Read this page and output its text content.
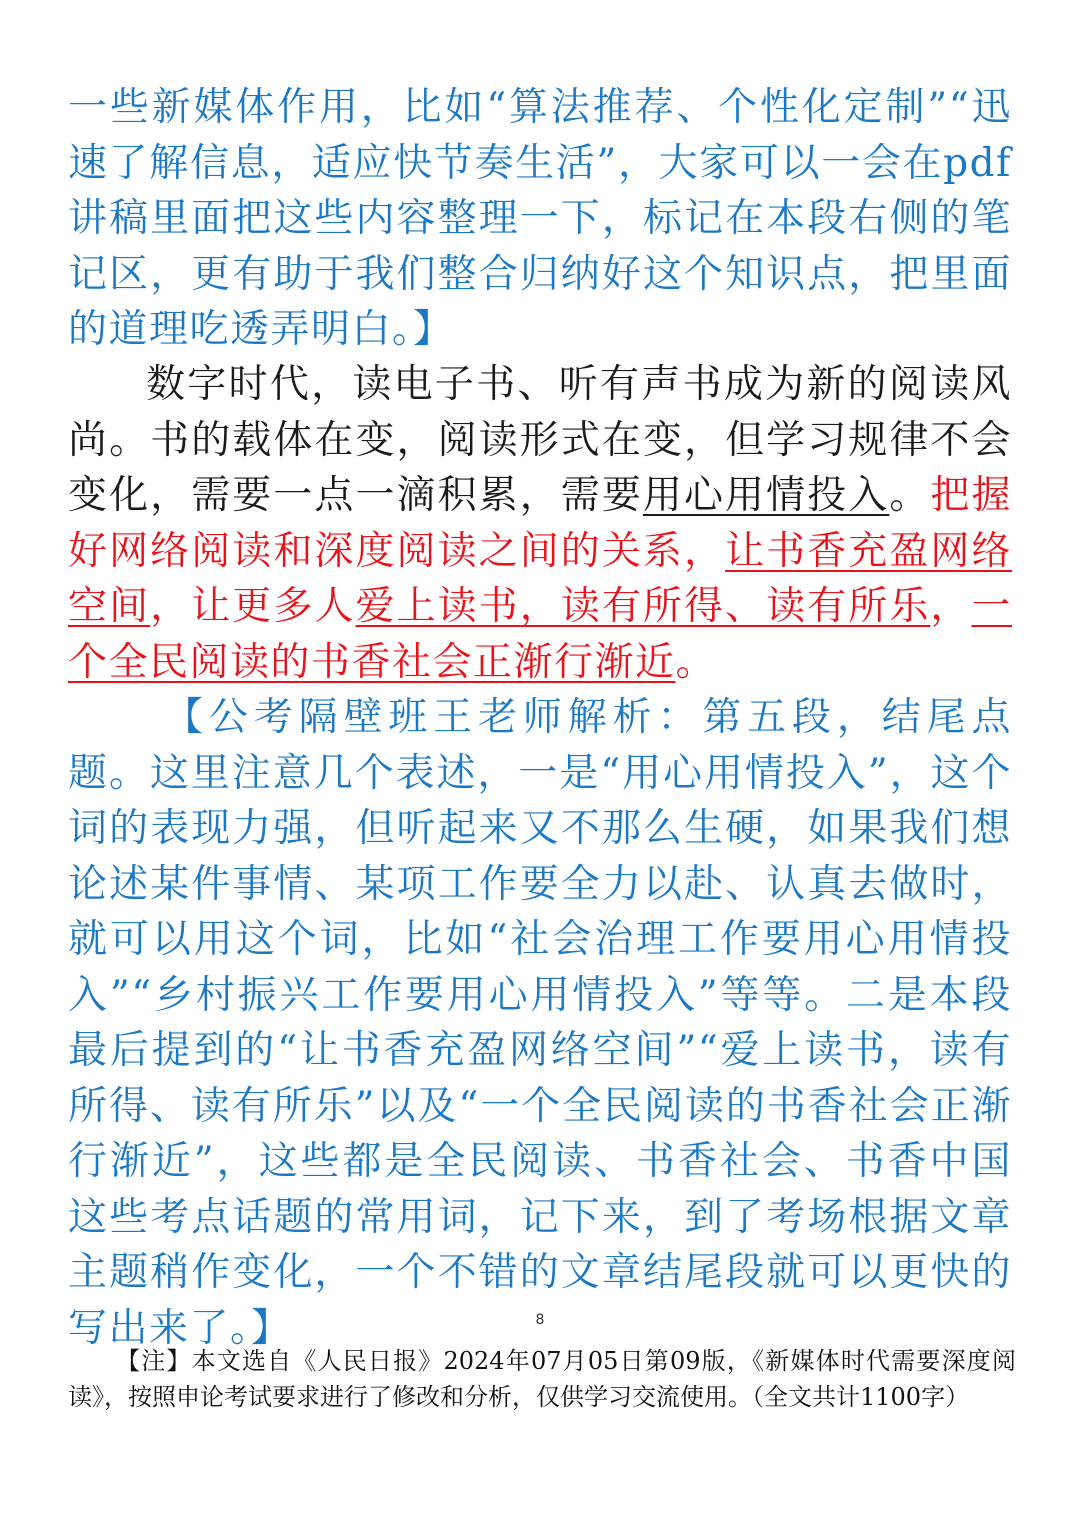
一些新媒体作用，比如“算法推荐、个性化定制”“迅速了解信息，适应快节奏生活”，大家可以一会在pdf讲稿里面把这些内容整理一下，标记在本段右侧的笔记区，更有助于我们整合归纳好这个知识点，把里面的道理吃透弄明白。】

数字时代，读电子书、听有声书成为新的阅读风尚。书的载体在变，阅读形式在变，但学习规律不会变化，需要一点一滴积累，需要用心用情投入。把握好网络阅读和深度阅读之间的关系，让书香充盈网络空间，让更多人爱上读书，读有所得、读有所乐，一个全民阅读的书香社会正渐行渐近。

【公考隔壁班王老师解析：第五段，结尾点题。这里注意几个表述，一是“用心用情投入”，这个词的表现力强，但听起来又不那么生硬，如果我们想论述某件事情、某项工作要全力以赴、认真去做时，就可以用这个词，比如“社会治理工作要用心用情投入”“乡村振兴工作要用心用情投入”等等。二是本段最后提到的“让书香充盈网络空间”“爱上读书，读有所得、读有所乐”以及“一个全民阅读的书香社会正渐行渐近”，这些都是全民阅读、书香社会、书香中国这些考点话题的常用词，记下来，到了考场根据文章主题稍作变化，一个不错的文章结尾段就可以更快的写出来了。】	8

【注】本文选自《人民日报》2024年07月05日第09版，《新媒体时代需要深度阅读》，按照申论考试要求进行了修改和分析，仅供学习交流使用。（全文共计1100字）
